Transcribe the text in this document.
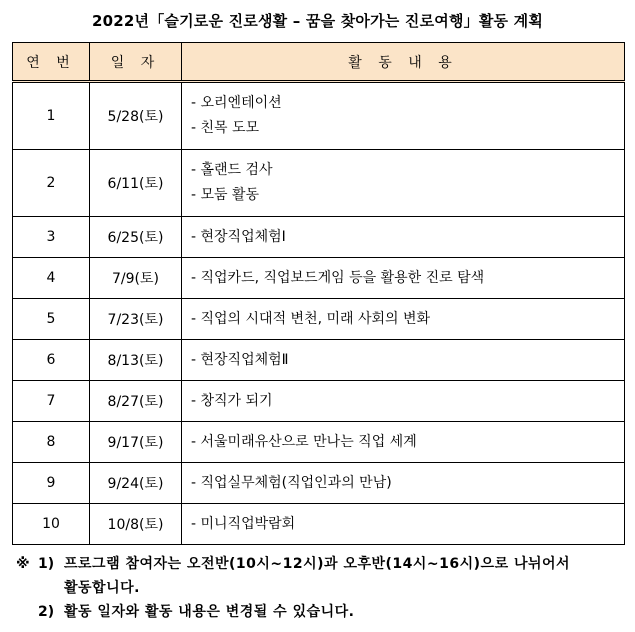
2022년「슬기로운 진로생활 – 꿈을 찾아가는 진로여행」활동 계획
연 번	일 자	활 동 내 용
1	5/28(토)	- 오리엔테이션
- 친목 도모

2	6/11(토)	- 홀랜드 검사
- 모둠 활동

3	6/25(토)	- 현장직업체험Ⅰ

4	7/9(토)	- 직업카드, 직업보드게임 등을 활용한 진로 탐색

5	7/23(토)	- 직업의 시대적 변천, 미래 사회의 변화

6	8/13(토)	- 현장직업체험Ⅱ

7	8/27(토)	- 창직가 되기

8	9/17(토)	- 서울미래유산으로 만나는 직업 세계

9	9/24(토)	- 직업실무체험(직업인과의 만남)

10	10/8(토)	- 미니직업박람회
※ 1) 프로그램 참여자는 오전반(10시~12시)과 오후반(14시~16시)으로 나뉘어서
활동합니다.
2) 활동 일자와 활동 내용은 변경될 수 있습니다.
